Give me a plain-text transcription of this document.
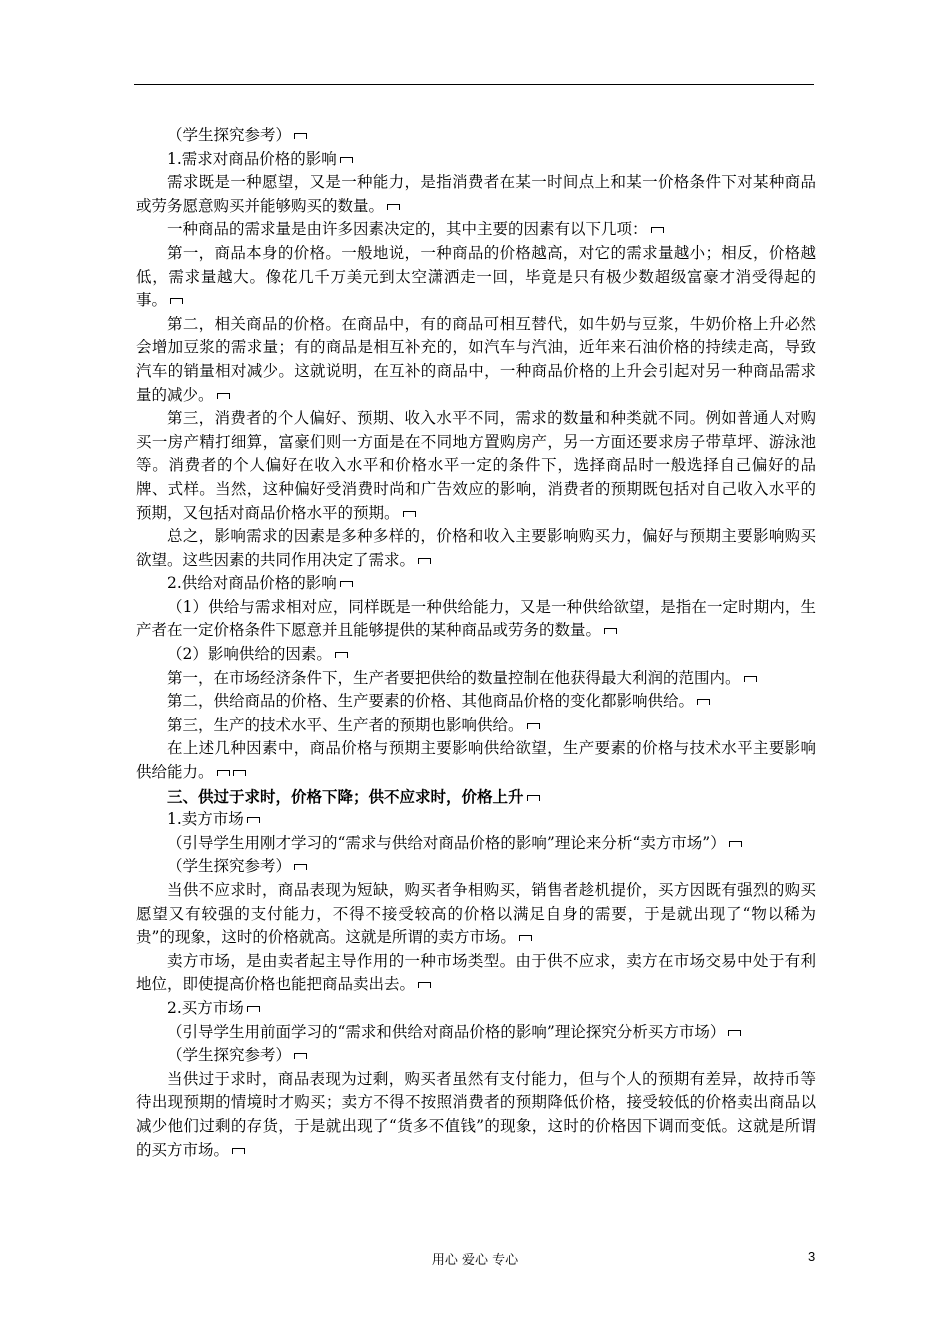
（学生探究参考）

1.需求对商品价格的影响

需求既是一种愿望，又是一种能力，是指消费者在某一时间点上和某一价格条件下对某种商品或劳务愿意购买并能够购买的数量。

一种商品的需求量是由许多因素决定的，其中主要的因素有以下几项：

第一，商品本身的价格。一般地说，一种商品的价格越高，对它的需求量越小；相反，价格越低，需求量越大。像花几千万美元到太空潇洒走一回，毕竟是只有极少数超级富豪才消受得起的事。

第二，相关商品的价格。在商品中，有的商品可相互替代，如牛奶与豆浆，牛奶价格上升必然会增加豆浆的需求量；有的商品是相互补充的，如汽车与汽油，近年来石油价格的持续走高，导致汽车的销量相对减少。这就说明，在互补的商品中，一种商品价格的上升会引起对另一种商品需求量的减少。

第三，消费者的个人偏好、预期、收入水平不同，需求的数量和种类就不同。例如普通人对购买一房产精打细算，富豪们则一方面是在不同地方置购房产，另一方面还要求房子带草坪、游泳池等。消费者的个人偏好在收入水平和价格水平一定的条件下，选择商品时一般选择自己偏好的品牌、式样。当然，这种偏好受消费时尚和广告效应的影响，消费者的预期既包括对自己收入水平的预期，又包括对商品价格水平的预期。

总之，影响需求的因素是多种多样的，价格和收入主要影响购买力，偏好与预期主要影响购买欲望。这些因素的共同作用决定了需求。

2.供给对商品价格的影响

（1）供给与需求相对应，同样既是一种供给能力，又是一种供给欲望，是指在一定时期内，生产者在一定价格条件下愿意并且能够提供的某种商品或劳务的数量。

（2）影响供给的因素。

第一，在市场经济条件下，生产者要把供给的数量控制在他获得最大利润的范围内。

第二，供给商品的价格、生产要素的价格、其他商品价格的变化都影响供给。

第三，生产的技术水平、生产者的预期也影响供给。

在上述几种因素中，商品价格与预期主要影响供给欲望，生产要素的价格与技术水平主要影响供给能力。

三、供过于求时，价格下降；供不应求时，价格上升

1.卖方市场

（引导学生用刚才学习的“需求与供给对商品价格的影响”理论来分析“卖方市场”）

（学生探究参考）

当供不应求时，商品表现为短缺，购买者争相购买，销售者趁机提价，买方因既有强烈的购买愿望又有较强的支付能力，不得不接受较高的价格以满足自身的需要，于是就出现了“物以稀为贵”的现象，这时的价格就高。这就是所谓的卖方市场。

卖方市场，是由卖者起主导作用的一种市场类型。由于供不应求，卖方在市场交易中处于有利地位，即使提高价格也能把商品卖出去。

2.买方市场

（引导学生用前面学习的“需求和供给对商品价格的影响”理论探究分析买方市场）

（学生探究参考）

当供过于求时，商品表现为过剩，购买者虽然有支付能力，但与个人的预期有差异，故持币等待出现预期的情境时才购买；卖方不得不按照消费者的预期降低价格，接受较低的价格卖出商品以减少他们过剩的存货，于是就出现了“货多不值钱”的现象，这时的价格因下调而变低。这就是所谓的买方市场。

用心 爱心 专心	3
